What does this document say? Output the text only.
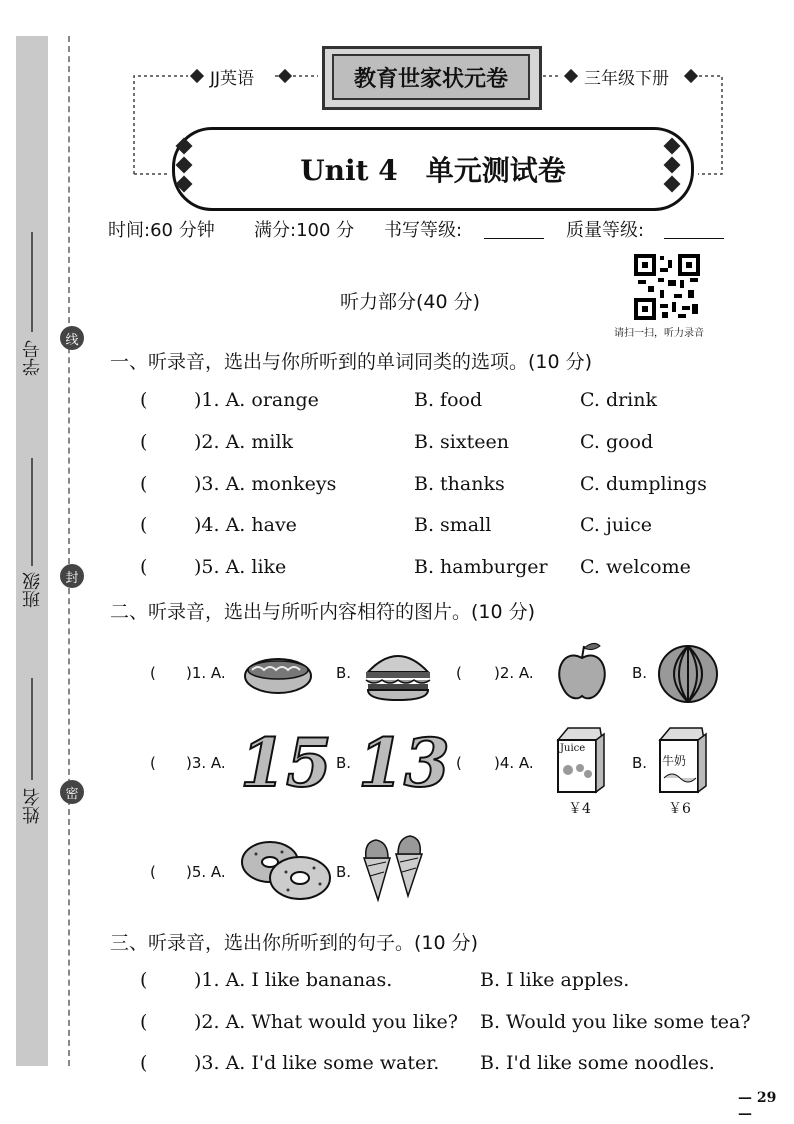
学号
班级
姓名
线
封
密
JJ英语	教育世家状元卷	三年级下册
Unit 4　单元测试卷
时间:60 分钟 满分:100 分 书写等级:	质量等级:
请扫一扫，听力录音
听力部分(40 分)
一、听录音，选出与你所听到的单词同类的选项。(10 分)
( )1. A. orange	B. food	C. drink
( )2. A. milk	B. sixteen	C. good
( )3. A. monkeys	B. thanks	C. dumplings
( )4. A. have	B. small	C. juice
( )5. A. like	B. hamburger C. welcome
二、听录音，选出与所听内容相符的图片。(10 分)
( )1. A.	B.	( )2. A.	B.
( )3. A. 15 B. 13 ( )4. A.
Juice
￥4
B. 牛奶
￥6
( )5. A.	B.
三、听录音，选出你所听到的句子。(10 分)
( )1. A. I like bananas.	B. I like apples.
( )2. A. What would you like? B. Would you like some tea?
( )3. A. I'd like some water. B. I'd like some noodles.
— 29 —
